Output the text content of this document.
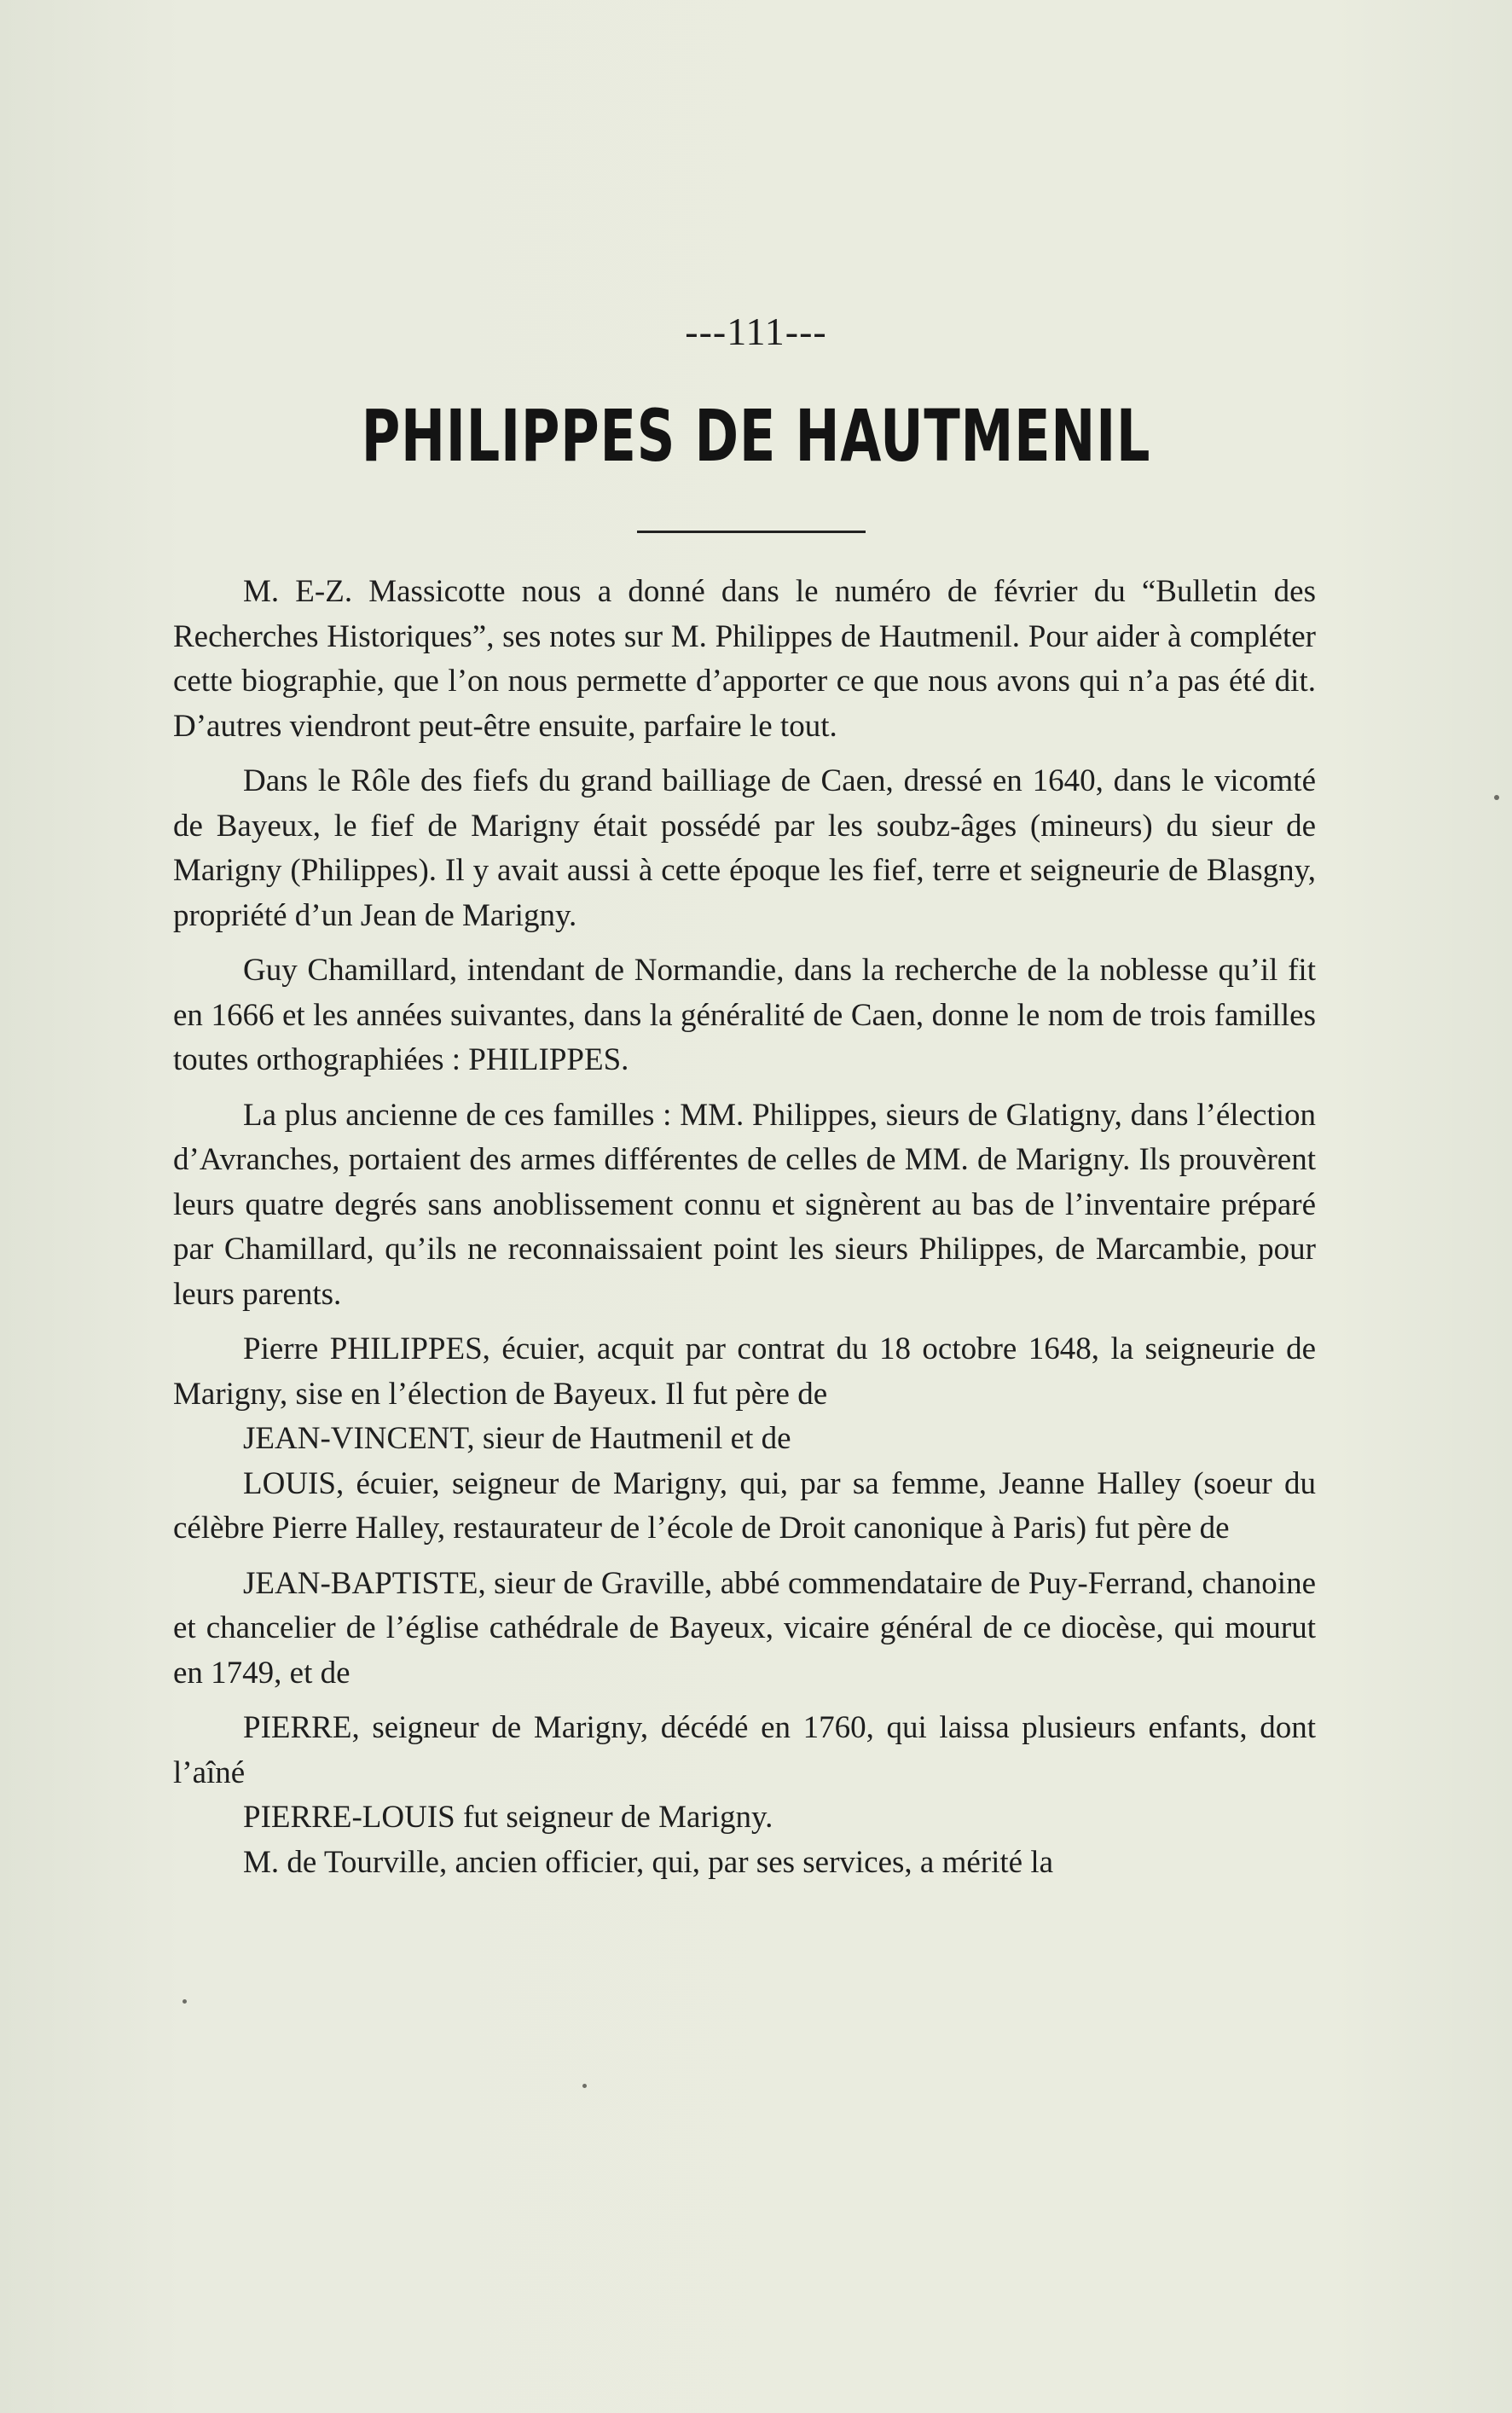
---111---
PHILIPPES DE HAUTMENIL

M. E-Z. Massicotte nous a donné dans le numéro de février du “Bulletin des Recherches Historiques”, ses notes sur M. Philippes de Hautmenil. Pour aider à compléter cette biographie, que l’on nous permette d’apporter ce que nous avons qui n’a pas été dit. D’autres viendront peut-être ensuite, parfaire le tout.

Dans le Rôle des fiefs du grand bailliage de Caen, dressé en 1640, dans le vicomté de Bayeux, le fief de Marigny était possédé par les soubz-âges (mineurs) du sieur de Marigny (Philippes). Il y avait aussi à cette époque les fief, terre et seigneurie de Blasgny, propriété d’un Jean de Marigny.

Guy Chamillard, intendant de Normandie, dans la recherche de la noblesse qu’il fit en 1666 et les années suivantes, dans la généralité de Caen, donne le nom de trois familles toutes orthographiées : PHILIPPES.

La plus ancienne de ces familles : MM. Philippes, sieurs de Glatigny, dans l’élection d’Avranches, portaient des armes différentes de celles de MM. de Marigny. Ils prouvèrent leurs quatre degrés sans anoblissement connu et signèrent au bas de l’inventaire préparé par Chamillard, qu’ils ne reconnaissaient point les sieurs Philippes, de Marcambie, pour leurs parents.

Pierre PHILIPPES, écuier, acquit par contrat du 18 octobre 1648, la seigneurie de Marigny, sise en l’élection de Bayeux. Il fut père de

JEAN-VINCENT, sieur de Hautmenil et de

LOUIS, écuier, seigneur de Marigny, qui, par sa femme, Jeanne Halley (soeur du célèbre Pierre Halley, restaurateur de l’école de Droit canonique à Paris) fut père de

JEAN-BAPTISTE, sieur de Graville, abbé commendataire de Puy-Ferrand, chanoine et chancelier de l’église cathédrale de Bayeux, vicaire général de ce diocèse, qui mourut en 1749, et de

PIERRE, seigneur de Marigny, décédé en 1760, qui laissa plusieurs enfants, dont l’aîné

PIERRE-LOUIS fut seigneur de Marigny.

M. de Tourville, ancien officier, qui, par ses services, a mérité la
